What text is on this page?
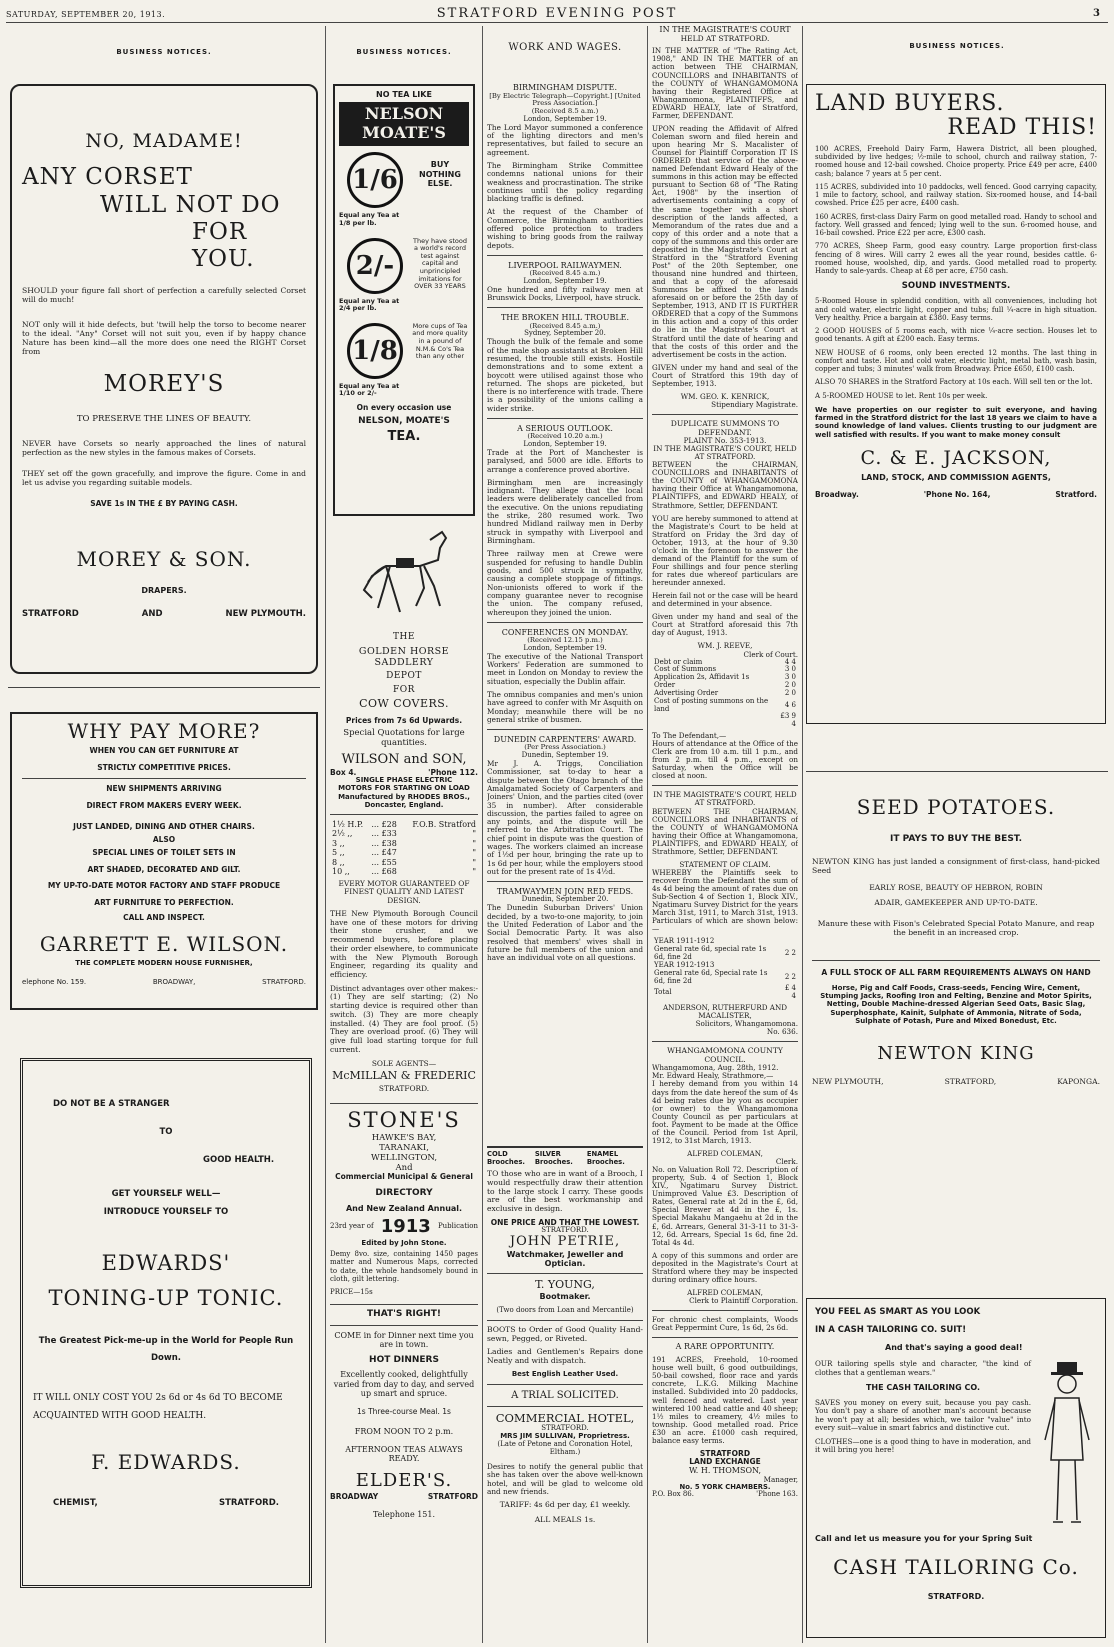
SATURDAY, SEPTEMBER 20, 1913.	STRATFORD EVENING POST	3
BUSINESS NOTICES.
NO, MADAME!
ANY CORSET
WILL NOT DO
FOR YOU.

SHOULD your figure fall short of perfection a carefully selected Corset will do much!

NOT only will it hide defects, but 'twill help the torso to become nearer to the ideal. "Any" Corset will not suit you, even if by happy chance Nature has been kind—all the more does one need the RIGHT Corset from

MOREY'S
TO PRESERVE THE LINES OF BEAUTY.

NEVER have Corsets so nearly approached the lines of natural perfection as the new styles in the famous makes of Corsets.

THEY set off the gown gracefully, and improve the figure. Come in and let us advise you regarding suitable models.

SAVE 1s IN THE £ BY PAYING CASH.
MOREY & SON.
DRAPERS.
STRATFORD	AND	NEW PLYMOUTH.
WHY PAY MORE?
WHEN YOU CAN GET FURNITURE AT
STRICTLY COMPETITIVE PRICES.
NEW SHIPMENTS ARRIVING
DIRECT FROM MAKERS EVERY WEEK.
JUST LANDED, DINING AND OTHER CHAIRS.
ALSO
SPECIAL LINES OF TOILET SETS IN
ART SHADED, DECORATED AND GILT.
MY UP-TO-DATE MOTOR FACTORY AND STAFF PRODUCE
ART FURNITURE TO PERFECTION.
CALL AND INSPECT.
GARRETT E. WILSON.
THE COMPLETE MODERN HOUSE FURNISHER,
elephone No. 159.	BROADWAY,	STRATFORD.
DO NOT BE A STRANGER
TO
GOOD HEALTH.
GET YOURSELF WELL—
INTRODUCE YOURSELF TO
EDWARDS'
TONING-UP TONIC.
The Greatest Pick-me-up in the World for People Run Down.
IT WILL ONLY COST YOU 2s 6d or 4s 6d TO BECOME ACQUAINTED WITH GOOD HEALTH.
F. EDWARDS.
CHEMIST,	STRATFORD.
BUSINESS NOTICES.
NO TEA LIKE
NELSON MOATE'S
1/6
Equal any Tea at 1/8 per lb.
BUY NOTHING ELSE.
2/-
Equal any Tea at 2/4 per lb.
They have stood a world's record test against capital and unprincipled imitations for OVER 33 YEARS
1/8
Equal any Tea at 1/10 or 2/-
More cups of Tea and more quality in a pound of N.M.& Co's Tea than any other
On every occasion use
NELSON, MOATE'S
TEA.
THE
GOLDEN HORSE SADDLERY
DEPOT
FOR
COW COVERS.
Prices from 7s 6d Upwards.
Special Quotations for large quantities.
WILSON and SON,
Box 4.	'Phone 112.
SINGLE PHASE ELECTRIC
MOTORS FOR STARTING ON LOAD
Manufactured by RHODES BROS.,
Doncaster, England.
1½ H.P.	... £28	F.O.B. Stratford
2½ ,,	... £33	"
3 ,,	... £38	"
5 ,,	... £47	"
8 ,,	... £55	"
10 ,,	... £68	"
EVERY MOTOR GUARANTEED OF FINEST QUALITY AND LATEST DESIGN.

THE New Plymouth Borough Council have one of these motors for driving their stone crusher, and we recommend buyers, before placing their order elsewhere, to communicate with the New Plymouth Borough Engineer, regarding its quality and efficiency.

Distinct advantages over other makes:- (1) They are self starting; (2) No starting device is required other than switch. (3) They are more cheaply installed. (4) They are fool proof. (5) They are overload proof. (6) They will give full load starting torque for full current.

SOLE AGENTS—
McMILLAN & FREDERIC
STRATFORD.
STONE'S
HAWKE'S BAY,
TARANAKI,
WELLINGTON,
And
Commercial Municipal & General
DIRECTORY
And New Zealand Annual.
23rd year of 1913 Publication
Edited by John Stone.

Demy 8vo. size, containing 1450 pages matter and Numerous Maps, corrected to date, the whole handsomely bound in cloth, gilt lettering.

PRICE—15s
THAT'S RIGHT!

COME in for Dinner next time you are in town.

HOT DINNERS

Excellently cooked, delightfully varied from day to day, and served up smart and spruce.

1s Three-course Meal. 1s
FROM NOON TO 2 p.m.
AFTERNOON TEAS ALWAYS READY.
ELDER'S.
BROADWAY	STRATFORD
Telephone 151.
WORK AND WAGES.
BIRMINGHAM DISPUTE.
[By Electric Telegraph—Copyright.] [United Press Association.]
(Received 8.5 a.m.)
London, September 19.

The Lord Mayor summoned a conference of the lighting directors and men's representatives, but failed to secure an agreement.

The Birmingham Strike Committee condemns national unions for their weakness and procrastination. The strike continues until the policy regarding blacking traffic is defined.

At the request of the Chamber of Commerce, the Birmingham authorities offered police protection to traders wishing to bring goods from the railway depots.

LIVERPOOL RAILWAYMEN.
(Received 8.45 a.m.)
London, September 19.

One hundred and fifty railway men at Brunswick Docks, Liverpool, have struck.

THE BROKEN HILL TROUBLE.
(Received 8.45 a.m.)
Sydney, September 20.

Though the bulk of the female and some of the male shop assistants at Broken Hill resumed, the trouble still exists. Hostile demonstrations and to some extent a boycott were utilised against those who returned. The shops are picketed, but there is no interference with trade. There is a possibility of the unions calling a wider strike.

A SERIOUS OUTLOOK.
(Received 10.20 a.m.)
London, September 19.

Trade at the Port of Manchester is paralysed, and 5000 are idle. Efforts to arrange a conference proved abortive.

Birmingham men are increasingly indignant. They allege that the local leaders were deliberately cancelled from the executive. On the unions repudiating the strike, 280 resumed work. Two hundred Midland railway men in Derby struck in sympathy with Liverpool and Birmingham.

Three railway men at Crewe were suspended for refusing to handle Dublin goods, and 500 struck in sympathy, causing a complete stoppage of fittings. Non-unionists offered to work if the company guarantee never to recognise the union. The company refused, whereupon they joined the union.

CONFERENCES ON MONDAY.
(Received 12.15 p.m.)
London, September 19.

The executive of the National Transport Workers' Federation are summoned to meet in London on Monday to review the situation, especially the Dublin affair.

The omnibus companies and men's union have agreed to confer with Mr Asquith on Monday; meanwhile there will be no general strike of busmen.

DUNEDIN CARPENTERS' AWARD.
(Per Press Association.)
Dunedin, September 19.

Mr J. A. Triggs, Conciliation Commissioner, sat to-day to hear a dispute between the Otago branch of the Amalgamated Society of Carpenters and Joiners' Union, and the parties cited (over 35 in number). After considerable discussion, the parties failed to agree on any points, and the dispute will be referred to the Arbitration Court. The chief point in dispute was the question of wages. The workers claimed an increase of 1½d per hour, bringing the rate up to 1s 6d per hour, while the employers stood out for the present rate of 1s 4½d.

TRAMWAYMEN JOIN RED FEDS.
Dunedin, September 20.

The Dunedin Suburban Drivers' Union decided, by a two-to-one majority, to join the United Federation of Labor and the Social Democratic Party. It was also resolved that members' wives shall in future be full members of the union and have an individual vote on all questions.

COLD Brooches.
SILVER Brooches.
ENAMEL Brooches.

TO those who are in want of a Brooch, I would respectfully draw their attention to the large stock I carry. These goods are of the best workmanship and exclusive in design.

ONE PRICE AND THAT THE LOWEST.
STRATFORD.
JOHN PETRIE,
Watchmaker, Jeweller and Optician.
T. YOUNG,
Bootmaker.
(Two doors from Loan and Mercantile)

BOOTS to Order of Good Quality Hand-sewn, Pegged, or Riveted.

Ladies and Gentlemen's Repairs done Neatly and with dispatch.

Best English Leather Used.
A TRIAL SOLICITED.
COMMERCIAL HOTEL,
STRATFORD.
MRS JIM SULLIVAN, Proprietress.
(Late of Petone and Coronation Hotel, Eltham.)

Desires to notify the general public that she has taken over the above well-known hotel, and will be glad to welcome old and new friends.

TARIFF: 4s 6d per day, £1 weekly.
ALL MEALS 1s.
IN THE MAGISTRATE'S COURT
HELD AT STRATFORD.

IN THE MATTER of "The Rating Act, 1908," AND IN THE MATTER of an action between THE CHAIRMAN, COUNCILLORS and INHABITANTS of the COUNTY of WHANGAMOMONA having their Registered Office at Whangamomona, PLAINTIFFS, and EDWARD HEALY, late of Stratford, Farmer, DEFENDANT.

UPON reading the Affidavit of Alfred Coleman sworn and filed herein and upon hearing Mr S. Macalister of Counsel for Plaintiff Corporation IT IS ORDERED that service of the above-named Defendant Edward Healy of the summons in this action may be effected pursuant to Section 68 of "The Rating Act, 1908" by the insertion of advertisements containing a copy of the same together with a short description of the lands affected, a Memorandum of the rates due and a copy of this order and a note that a copy of the summons and this order are deposited in the Magistrate's Court at Stratford in the "Stratford Evening Post" of the 20th September, one thousand nine hundred and thirteen, and that a copy of the aforesaid Summons be affixed to the lands aforesaid on or before the 25th day of September, 1913, AND IT IS FURTHER ORDERED that a copy of the Summons in this action and a copy of this order do lie in the Magistrate's Court at Stratford until the date of hearing and that the costs of this order and the advertisement be costs in the action.

GIVEN under my hand and seal of the Court of Stratford this 19th day of September, 1913.

WM. GEO. K. KENRICK,
Stipendiary Magistrate.
DUPLICATE SUMMONS TO DEFENDANT.
PLAINT No. 353-1913.
IN THE MAGISTRATE'S COURT, HELD AT STRATFORD.

BETWEEN the CHAIRMAN, COUNCILLORS and INHABITANTS of the COUNTY of WHANGAMOMONA having their Office at Whangamomona, PLAINTIFFS, and EDWARD HEALY, of Strathmore, Settler, DEFENDANT.

YOU are hereby summoned to attend at the Magistrate's Court to be held at Stratford on Friday the 3rd day of October, 1913, at the hour of 9.30 o'clock in the forenoon to answer the demand of the Plaintiff for the sum of Four shillings and four pence sterling for rates due whereof particulars are hereunder annexed.

Herein fail not or the case will be heard and determined in your absence.

Given under my hand and seal of the Court at Stratford aforesaid this 7th day of August, 1913.

WM. J. REEVE,
Clerk of Court.
Debt or claim	4 4
Cost of Summons	3 0
Application 2s, Affidavit 1s	3 0
Order	2 0
Advertising Order	2 0
Cost of posting summons on the land	4 6
	£3 9 4
To The Defendant,—

Hours of attendance at the Office of the Clerk are from 10 a.m. till 1 p.m., and from 2 p.m. till 4 p.m., except on Saturday, when the Office will be closed at noon.

IN THE MAGISTRATE'S COURT, HELD AT STRATFORD.

BETWEEN THE CHAIRMAN, COUNCILLORS and INHABITANTS of the COUNTY of WHANGAMOMONA having their Office at Whangamomona, PLAINTIFFS, and EDWARD HEALY, of Strathmore, Settler, DEFENDANT.

STATEMENT OF CLAIM.

WHEREBY the Plaintiffs seek to recover from the Defendant the sum of 4s 4d being the amount of rates due on Sub-Section 4 of Section 1, Block XIV., Ngatimaru Survey District for the years March 31st, 1911, to March 31st, 1913. Particulars of which are shown below:—

YEAR 1911-1912	
General rate 6d, special rate 1s 6d, fine 2d	2 2
YEAR 1912-1913	
General rate 6d, Special rate 1s 6d, fine 2d	2 2
Total	£ 4 4
ANDERSON, RUTHERFURD AND MACALISTER,
Solicitors, Whangamomona.
No. 636.
WHANGAMOMONA COUNTY COUNCIL.
Whangamomona, Aug. 28th, 1912.
Mr. Edward Healy, Strathmore,—

I hereby demand from you within 14 days from the date hereof the sum of 4s 4d being rates due by you as occupier (or owner) to the Whangamomona County Council as per particulars at foot. Payment to be made at the Office of the Council. Period from 1st April, 1912, to 31st March, 1913.

ALFRED COLEMAN,
Clerk.

No. on Valuation Roll 72. Description of property, Sub. 4 of Section 1, Block XIV., Ngatimaru Survey District. Unimproved Value £3. Description of Rates, General rate at 2d in the £, 6d, Special Brewer at 4d in the £, 1s. Special Makahu Mangaehu at 2d in the £, 6d. Arrears, General 31-3-11 to 31-3-12, 6d. Arrears, Special 1s 6d, fine 2d. Total 4s 4d.

A copy of this summons and order are deposited in the Magistrate's Court at Stratford where they may be inspected during ordinary office hours.

ALFRED COLEMAN,
Clerk to Plaintiff Corporation.

For chronic chest complaints, Woods Great Peppermint Cure, 1s 6d, 2s 6d.

A RARE OPPORTUNITY.

191 ACRES, Freehold, 10-roomed house well built, 6 good outbuildings, 50-bail cowshed, floor race and yards concrete, L.K.G. Milking Machine installed. Subdivided into 20 paddocks, well fenced and watered. Last year wintered 100 head cattle and 40 sheep; 1½ miles to creamery, 4½ miles to township. Good metalled road. Price £30 an acre. £1000 cash required, balance easy terms.

STRATFORD
LAND EXCHANGE
W. H. THOMSON,
Manager,
No. 5 YORK CHAMBERS.
P.O. Box 86.	'Phone 163.
BUSINESS NOTICES.
LAND BUYERS.
READ THIS!

100 ACRES, Freehold Dairy Farm, Hawera District, all been ploughed, subdivided by live hedges; ½-mile to school, church and railway station, 7-roomed house and 12-bail cowshed. Choice property. Price £49 per acre, £400 cash; balance 7 years at 5 per cent.

115 ACRES, subdivided into 10 paddocks, well fenced. Good carrying capacity, 1 mile to factory, school, and railway station. Six-roomed house, and 14-bail cowshed. Price £25 per acre, £400 cash.

160 ACRES, first-class Dairy Farm on good metalled road. Handy to school and factory. Well grassed and fenced; lying well to the sun. 6-roomed house, and 16-bail cowshed. Price £22 per acre, £300 cash.

770 ACRES, Sheep Farm, good easy country. Large proportion first-class fencing of 8 wires. Will carry 2 ewes all the year round, besides cattle. 6-roomed house, woolshed, dip, and yards. Good metalled road to property. Handy to sale-yards. Cheap at £8 per acre, £750 cash.

SOUND INVESTMENTS.

5-Roomed House in splendid condition, with all conveniences, including hot and cold water, electric light, copper and tubs; full ¼-acre in high situation. Very healthy. Price a bargain at £380. Easy terms.

2 GOOD HOUSES of 5 rooms each, with nice ¼-acre section. Houses let to good tenants. A gift at £200 each. Easy terms.

NEW HOUSE of 6 rooms, only been erected 12 months. The last thing in comfort and taste. Hot and cold water, electric light, metal bath, wash basin, copper and tubs; 3 minutes' walk from Broadway. Price £650, £100 cash.

ALSO 70 SHARES in the Stratford Factory at 10s each. Will sell ten or the lot.

A 5-ROOMED HOUSE to let. Rent 10s per week.

We have properties on our register to suit everyone, and having farmed in the Stratford district for the last 18 years we claim to have a sound knowledge of land values. Clients trusting to our judgment are well satisfied with results. If you want to make money consult

C. & E. JACKSON,
LAND, STOCK, AND COMMISSION AGENTS,
Broadway.	'Phone No. 164,	Stratford.
SEED POTATOES.
IT PAYS TO BUY THE BEST.

NEWTON KING has just landed a consignment of first-class, hand-picked Seed

EARLY ROSE, BEAUTY OF HEBRON, ROBIN
ADAIR, GAMEKEEPER AND UP-TO-DATE.

Manure these with Fison's Celebrated Special Potato Manure, and reap the benefit in an increased crop.

A FULL STOCK OF ALL FARM REQUIREMENTS ALWAYS ON HAND

Horse, Pig and Calf Foods, Crass-seeds, Fencing Wire, Cement, Stumping Jacks, Roofing Iron and Felting, Benzine and Motor Spirits, Netting, Double Machine-dressed Algerian Seed Oats, Basic Slag, Superphosphate, Kainit, Sulphate of Ammonia, Nitrate of Soda, Sulphate of Potash, Pure and Mixed Bonedust, Etc.

NEWTON KING
NEW PLYMOUTH,	STRATFORD,	KAPONGA.
YOU FEEL AS SMART AS YOU LOOK
IN A CASH TAILORING CO. SUIT!
And that's saying a good deal!

OUR tailoring spells style and character, "the kind of clothes that a gentleman wears."

THE CASH TAILORING CO.

SAVES you money on every suit, because you pay cash. You don't pay a share of another man's account because he won't pay at all; besides which, we tailor "value" into every suit—value in smart fabrics and distinctive cut.

CLOTHES—one is a good thing to have in moderation, and it will bring you here!

Call and let us measure you for your Spring Suit
CASH TAILORING Co.
STRATFORD.
